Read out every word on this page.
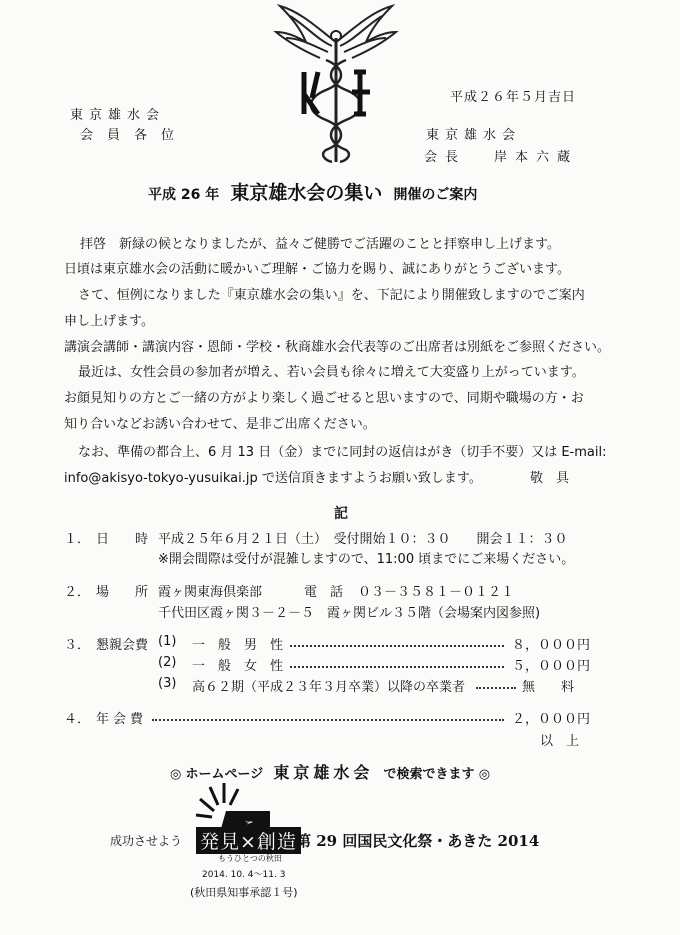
平成２６年５月吉日
東京雄水会
会員各位	東京雄水会
会長 岸本六蔵
平成 26 年 東京雄水会の集い 開催のご案内
拝啓　新緑の候となりましたが、益々ご健勝でご活躍のことと拝察申し上げます。
日頃は東京雄水会の活動に暖かいご理解・ご協力を賜り、誠にありがとうございます。
さて、恒例になりました『東京雄水会の集い』を、下記により開催致しますのでご案内
申し上げます。
講演会講師・講演内容・恩師・学校・秋商雄水会代表等のご出席者は別紙をご参照ください。
最近は、女性会員の参加者が増え、若い会員も徐々に増えて大変盛り上がっています。
お顔見知りの方とご一緒の方がより楽しく過ごせると思いますので、同期や職場の方・お
知り合いなどお誘い合わせて、是非ご出席ください。
なお、準備の都合上、6 月 13 日（金）までに同封の返信はがき（切手不要）又は E-mail:
info@akisyo-tokyo-yusuikai.jp で送信頂きますようお願い致します。	敬　具
記
１． 日　　時 平成２５年６月２１日（土）　受付開始１０：３０　　開会１１：３０
※開会間際は受付が混雑しますので、11:00 頃までにご来場ください。
２． 場　　所 霞ヶ関東海倶楽部	電　話 ０３－３５８１－０１２１
千代田区霞ヶ関３－２－５　霞ヶ関ビル３５階（会場案内図参照)
３． 懇親会費 (1) 一　般　男　性	８，０００円
(2) 一　般　女　性	５，０００円
(3) 高６２期（平成２３年３月卒業）以降の卒業者	無　　料
４． 年会費	２，０００円
以　上
◎ ホームページ 東京雄水会 で検索できます ◎
成功させよう 発見×創造
もうひとつの秋田
第 29 回国民文化祭・あきた 2014
2014. 10. 4～11. 3
(秋田県知事承認１号)
